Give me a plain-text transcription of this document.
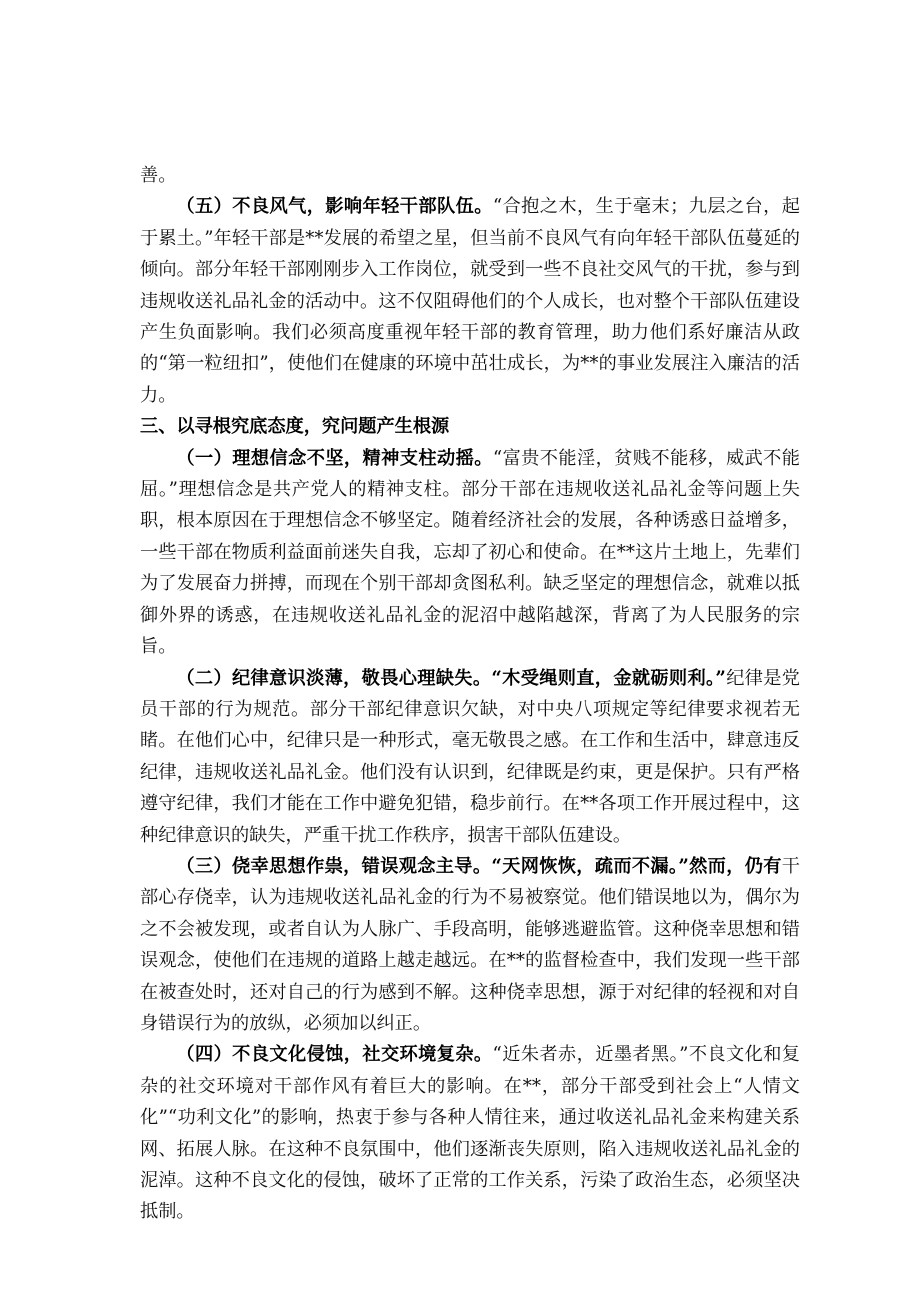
善。

（五）不良风气，影响年轻干部队伍。“合抱之木，生于毫末；九层之台，起于累土。”年轻干部是**发展的希望之星，但当前不良风气有向年轻干部队伍蔓延的倾向。部分年轻干部刚刚步入工作岗位，就受到一些不良社交风气的干扰，参与到违规收送礼品礼金的活动中。这不仅阻碍他们的个人成长，也对整个干部队伍建设产生负面影响。我们必须高度重视年轻干部的教育管理，助力他们系好廉洁从政的“第一粒纽扣”，使他们在健康的环境中茁壮成长，为**的事业发展注入廉洁的活力。

三、以寻根究底态度，究问题产生根源

（一）理想信念不坚，精神支柱动摇。“富贵不能淫，贫贱不能移，威武不能屈。”理想信念是共产党人的精神支柱。部分干部在违规收送礼品礼金等问题上失职，根本原因在于理想信念不够坚定。随着经济社会的发展，各种诱惑日益增多，一些干部在物质利益面前迷失自我，忘却了初心和使命。在**这片土地上，先辈们为了发展奋力拼搏，而现在个别干部却贪图私利。缺乏坚定的理想信念，就难以抵御外界的诱惑，在违规收送礼品礼金的泥沼中越陷越深，背离了为人民服务的宗旨。

（二）纪律意识淡薄，敬畏心理缺失。“木受绳则直，金就砺则利。”纪律是党员干部的行为规范。部分干部纪律意识欠缺，对中央八项规定等纪律要求视若无睹。在他们心中，纪律只是一种形式，毫无敬畏之感。在工作和生活中，肆意违反纪律，违规收送礼品礼金。他们没有认识到，纪律既是约束，更是保护。只有严格遵守纪律，我们才能在工作中避免犯错，稳步前行。在**各项工作开展过程中，这种纪律意识的缺失，严重干扰工作秩序，损害干部队伍建设。

（三）侥幸思想作祟，错误观念主导。“天网恢恢，疏而不漏。”然而，仍有干部心存侥幸，认为违规收送礼品礼金的行为不易被察觉。他们错误地以为，偶尔为之不会被发现，或者自认为人脉广、手段高明，能够逃避监管。这种侥幸思想和错误观念，使他们在违规的道路上越走越远。在**的监督检查中，我们发现一些干部在被查处时，还对自己的行为感到不解。这种侥幸思想，源于对纪律的轻视和对自身错误行为的放纵，必须加以纠正。

（四）不良文化侵蚀，社交环境复杂。“近朱者赤，近墨者黑。”不良文化和复杂的社交环境对干部作风有着巨大的影响。在**，部分干部受到社会上“人情文化”“功利文化”的影响，热衷于参与各种人情往来，通过收送礼品礼金来构建关系网、拓展人脉。在这种不良氛围中，他们逐渐丧失原则，陷入违规收送礼品礼金的泥淖。这种不良文化的侵蚀，破坏了正常的工作关系，污染了政治生态，必须坚决抵制。
